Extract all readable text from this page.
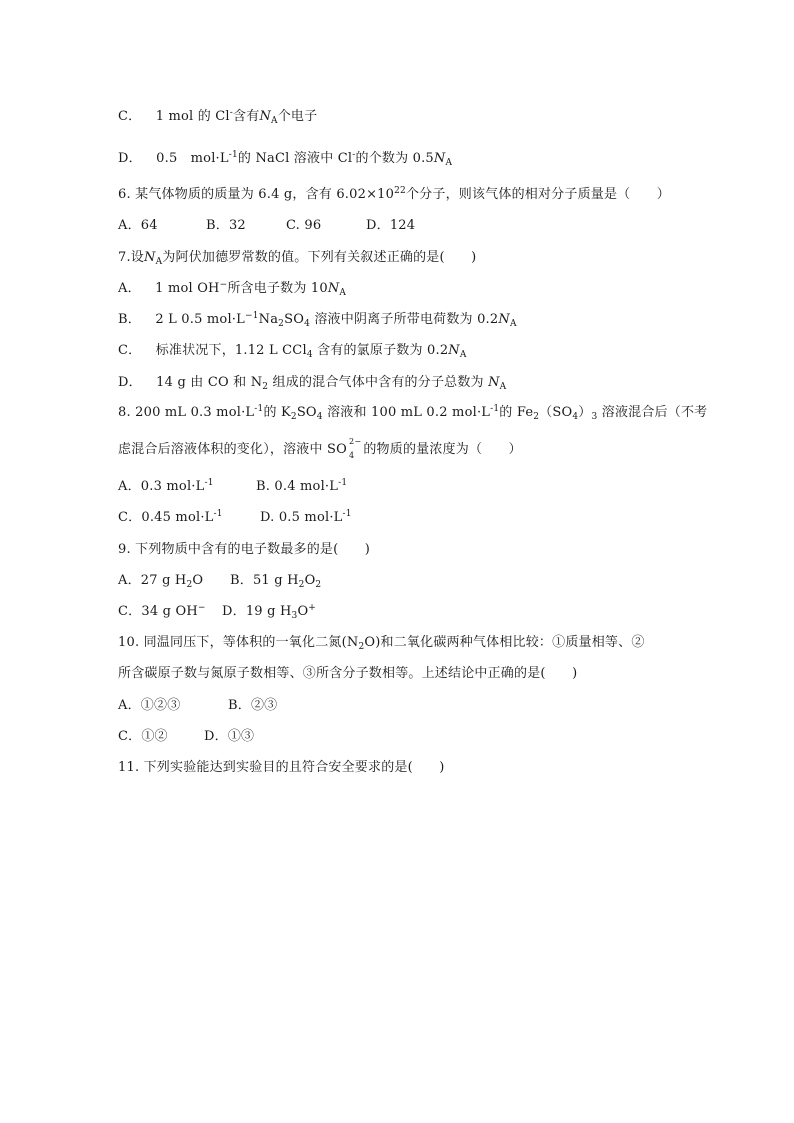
C． 1 mol 的 Cl-含有$N_A$个电子
D． 0.5　$mol\cdot L^{-1}$的 NaCl 溶液中 Cl-的个数为 $0.5N_A$
6. 某气体物质的质量为 6.4 g，含有 $6.02\times 10^{22}$个分子，则该气体的相对分子质量是（　　）
A．64	B．32	C. 96	D．124
7.设$N_A$为阿伏加德罗常数的值。下列有关叙述正确的是(　　)
A． 1 mol OH−所含电子数为 $10N_A$
B． 2 L 0.5 $mol\cdot L^{-1}Na_2SO_4$ 溶液中阴离子所带电荷数为 $0.2N_A$
C． 标准状况下，1.12 L CCl$_4$ 含有的氯原子数为 $0.2N_A$
D． 14 g 由 CO 和 $N_2$ 组成的混合气体中含有的分子总数为 $N_A$
8. 200 mL 0.3 $mol\cdot L^{-1}$的 $K_2SO_4$ 溶液和 100 mL 0.2 $mol\cdot L^{-1}$的 $Fe_2(SO_4)_3$ 溶液混合后（不考
虑混合后溶液体积的变化），溶液中 SO
2−
4 的物质的量浓度为（　　）
A．0.3 $mol\cdot L^{-1}$	B. 0.4 $mol\cdot L^{-1}$
C．0.45 $mol\cdot L^{-1}$	D. 0.5 $mol\cdot L^{-1}$
9. 下列物质中含有的电子数最多的是(　　)
A．27 g $H_2O$ B．51 g $H_2O_2$
C．34 g OH− D．19 g $H_3O^+$
10. 同温同压下，等体积的一氧化二氮$(N_2O)$和二氧化碳两种气体相比较：①质量相等、②
所含碳原子数与氮原子数相等、③所含分子数相等。上述结论中正确的是(　　)
A．①②③	B．②③
C．①②	D．①③
11. 下列实验能达到实验目的且符合安全要求的是(　　)
